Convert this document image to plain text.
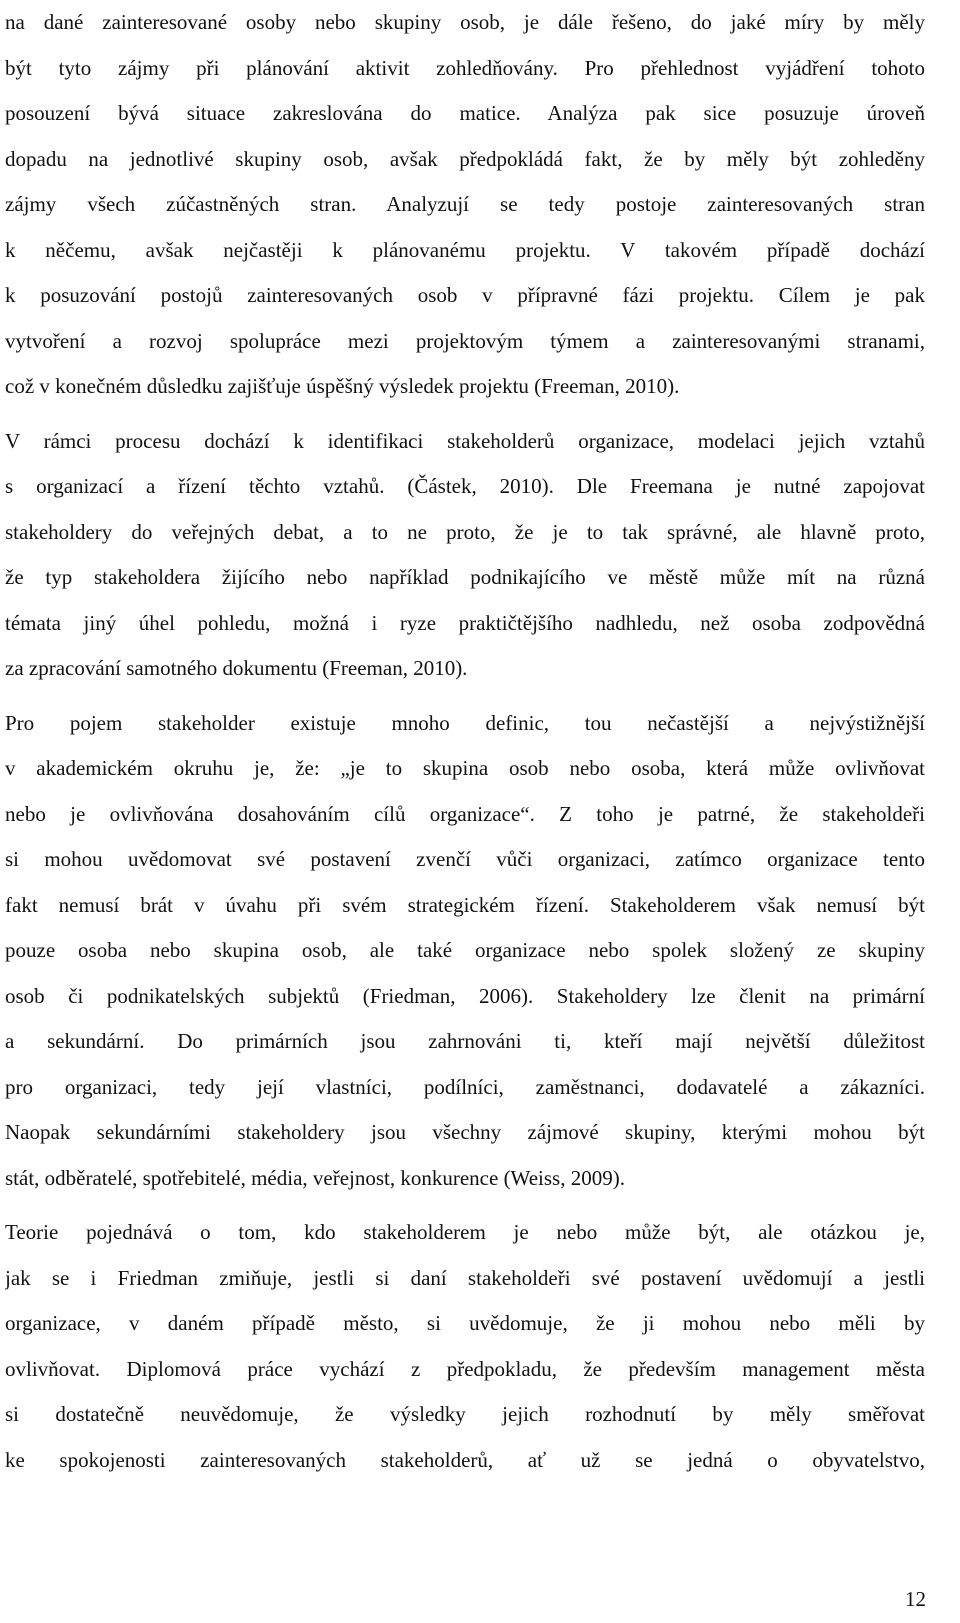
na dané zainteresované osoby nebo skupiny osob, je dále řešeno, do jaké míry by měly
být tyto zájmy při plánování aktivit zohledňovány. Pro přehlednost vyjádření tohoto
posouzení bývá situace zakreslována do matice. Analýza pak sice posuzuje úroveň
dopadu na jednotlivé skupiny osob, avšak předpokládá fakt, že by měly být zohleděny
zájmy všech zúčastněných stran. Analyzují se tedy postoje zainteresovaných stran
k něčemu, avšak nejčastěji k plánovanému projektu. V takovém případě dochází
k posuzování postojů zainteresovaných osob v přípravné fázi projektu. Cílem je pak
vytvoření a rozvoj spolupráce mezi projektovým týmem a zainteresovanými stranami,
což v konečném důsledku zajišťuje úspěšný výsledek projektu (Freeman, 2010).
V rámci procesu dochází k identifikaci stakeholderů organizace, modelaci jejich vztahů
s organizací a řízení těchto vztahů. (Částek, 2010). Dle Freemana je nutné zapojovat
stakeholdery do veřejných debat, a to ne proto, že je to tak správné, ale hlavně proto,
že typ stakeholdera žijícího nebo například podnikajícího ve městě může mít na různá
témata jiný úhel pohledu, možná i ryze praktičtějšího nadhledu, než osoba zodpovědná
za zpracování samotného dokumentu (Freeman, 2010).
Pro pojem stakeholder existuje mnoho definic, tou nečastější a nejvýstižnější
v akademickém okruhu je, že: „je to skupina osob nebo osoba, která může ovlivňovat
nebo je ovlivňována dosahováním cílů organizace“. Z toho je patrné, že stakeholdeři
si mohou uvědomovat své postavení zvenčí vůči organizaci, zatímco organizace tento
fakt nemusí brát v úvahu při svém strategickém řízení. Stakeholderem však nemusí být
pouze osoba nebo skupina osob, ale také organizace nebo spolek složený ze skupiny
osob či podnikatelských subjektů (Friedman, 2006). Stakeholdery lze členit na primární
a sekundární. Do primárních jsou zahrnováni ti, kteří mají největší důležitost
pro organizaci, tedy její vlastníci, podílníci, zaměstnanci, dodavatelé a zákazníci.
Naopak sekundárními stakeholdery jsou všechny zájmové skupiny, kterými mohou být
stát, odběratelé, spotřebitelé, média, veřejnost, konkurence (Weiss, 2009).
Teorie pojednává o tom, kdo stakeholderem je nebo může být, ale otázkou je,
jak se i Friedman zmiňuje, jestli si daní stakeholdeři své postavení uvědomují a jestli
organizace, v daném případě město, si uvědomuje, že ji mohou nebo měli by
ovlivňovat. Diplomová práce vychází z předpokladu, že především management města
si dostatečně neuvědomuje, že výsledky jejich rozhodnutí by měly směřovat
ke spokojenosti zainteresovaných stakeholderů, ať už se jedná o obyvatelstvo,
12
